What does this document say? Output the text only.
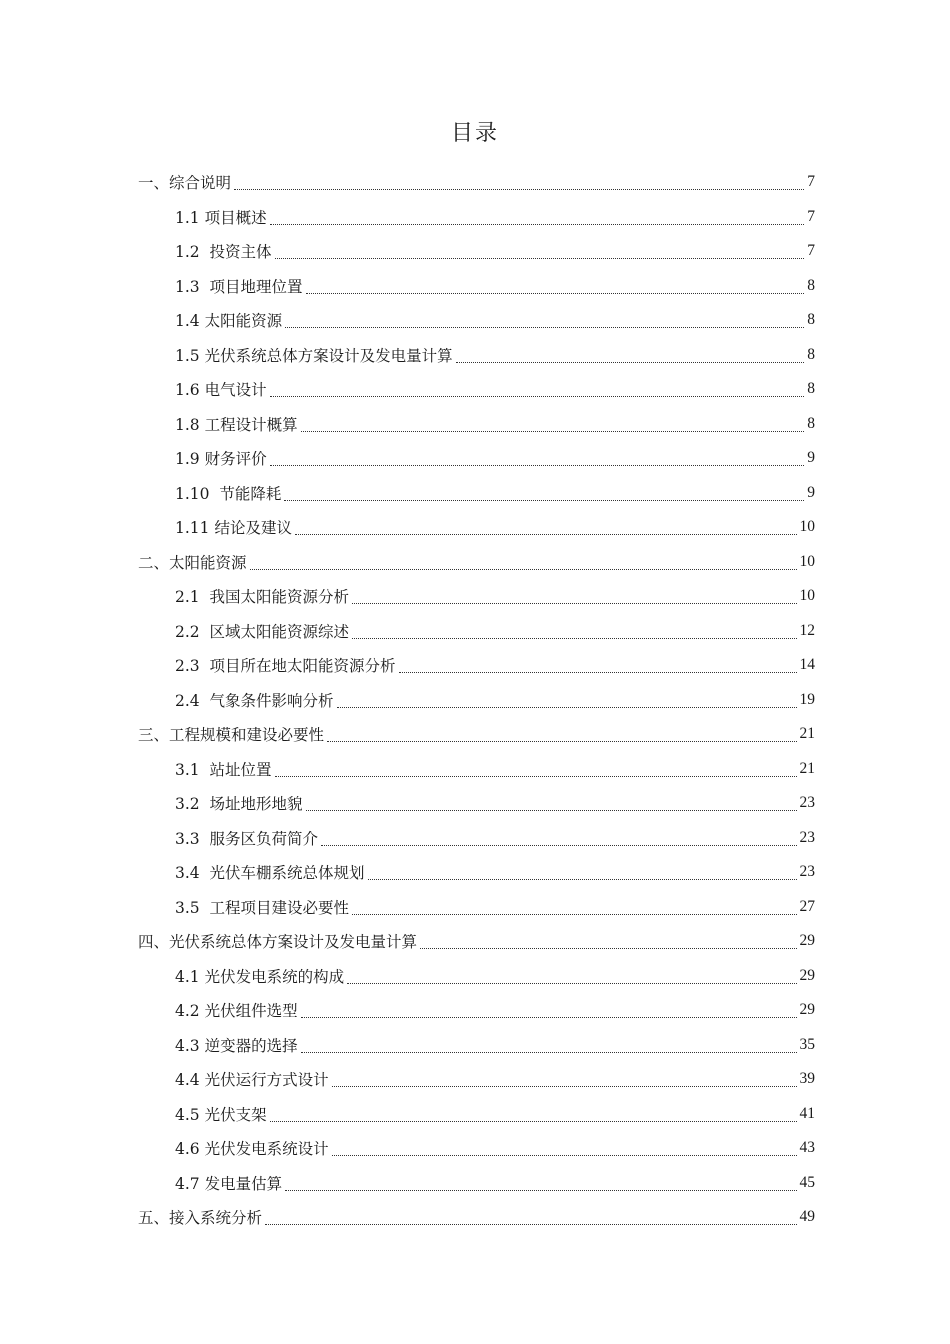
目录
一、综合说明	7
1.1 项目概述	7
1.2  投资主体	7
1.3  项目地理位置	8
1.4 太阳能资源	8
1.5 光伏系统总体方案设计及发电量计算	8
1.6 电气设计	8
1.8 工程设计概算	8
1.9 财务评价	9
1.10  节能降耗	9
1.11 结论及建议	10
二、太阳能资源	10
2.1  我国太阳能资源分析	10
2.2  区域太阳能资源综述	12
2.3  项目所在地太阳能资源分析	14
2.4  气象条件影响分析	19
三、工程规模和建设必要性	21
3.1  站址位置	21
3.2  场址地形地貌	23
3.3  服务区负荷简介	23
3.4  光伏车棚系统总体规划	23
3.5  工程项目建设必要性	27
四、光伏系统总体方案设计及发电量计算	29
4.1 光伏发电系统的构成	29
4.2 光伏组件选型	29
4.3 逆变器的选择	35
4.4 光伏运行方式设计	39
4.5 光伏支架	41
4.6 光伏发电系统设计	43
4.7 发电量估算	45
五、接入系统分析	49
